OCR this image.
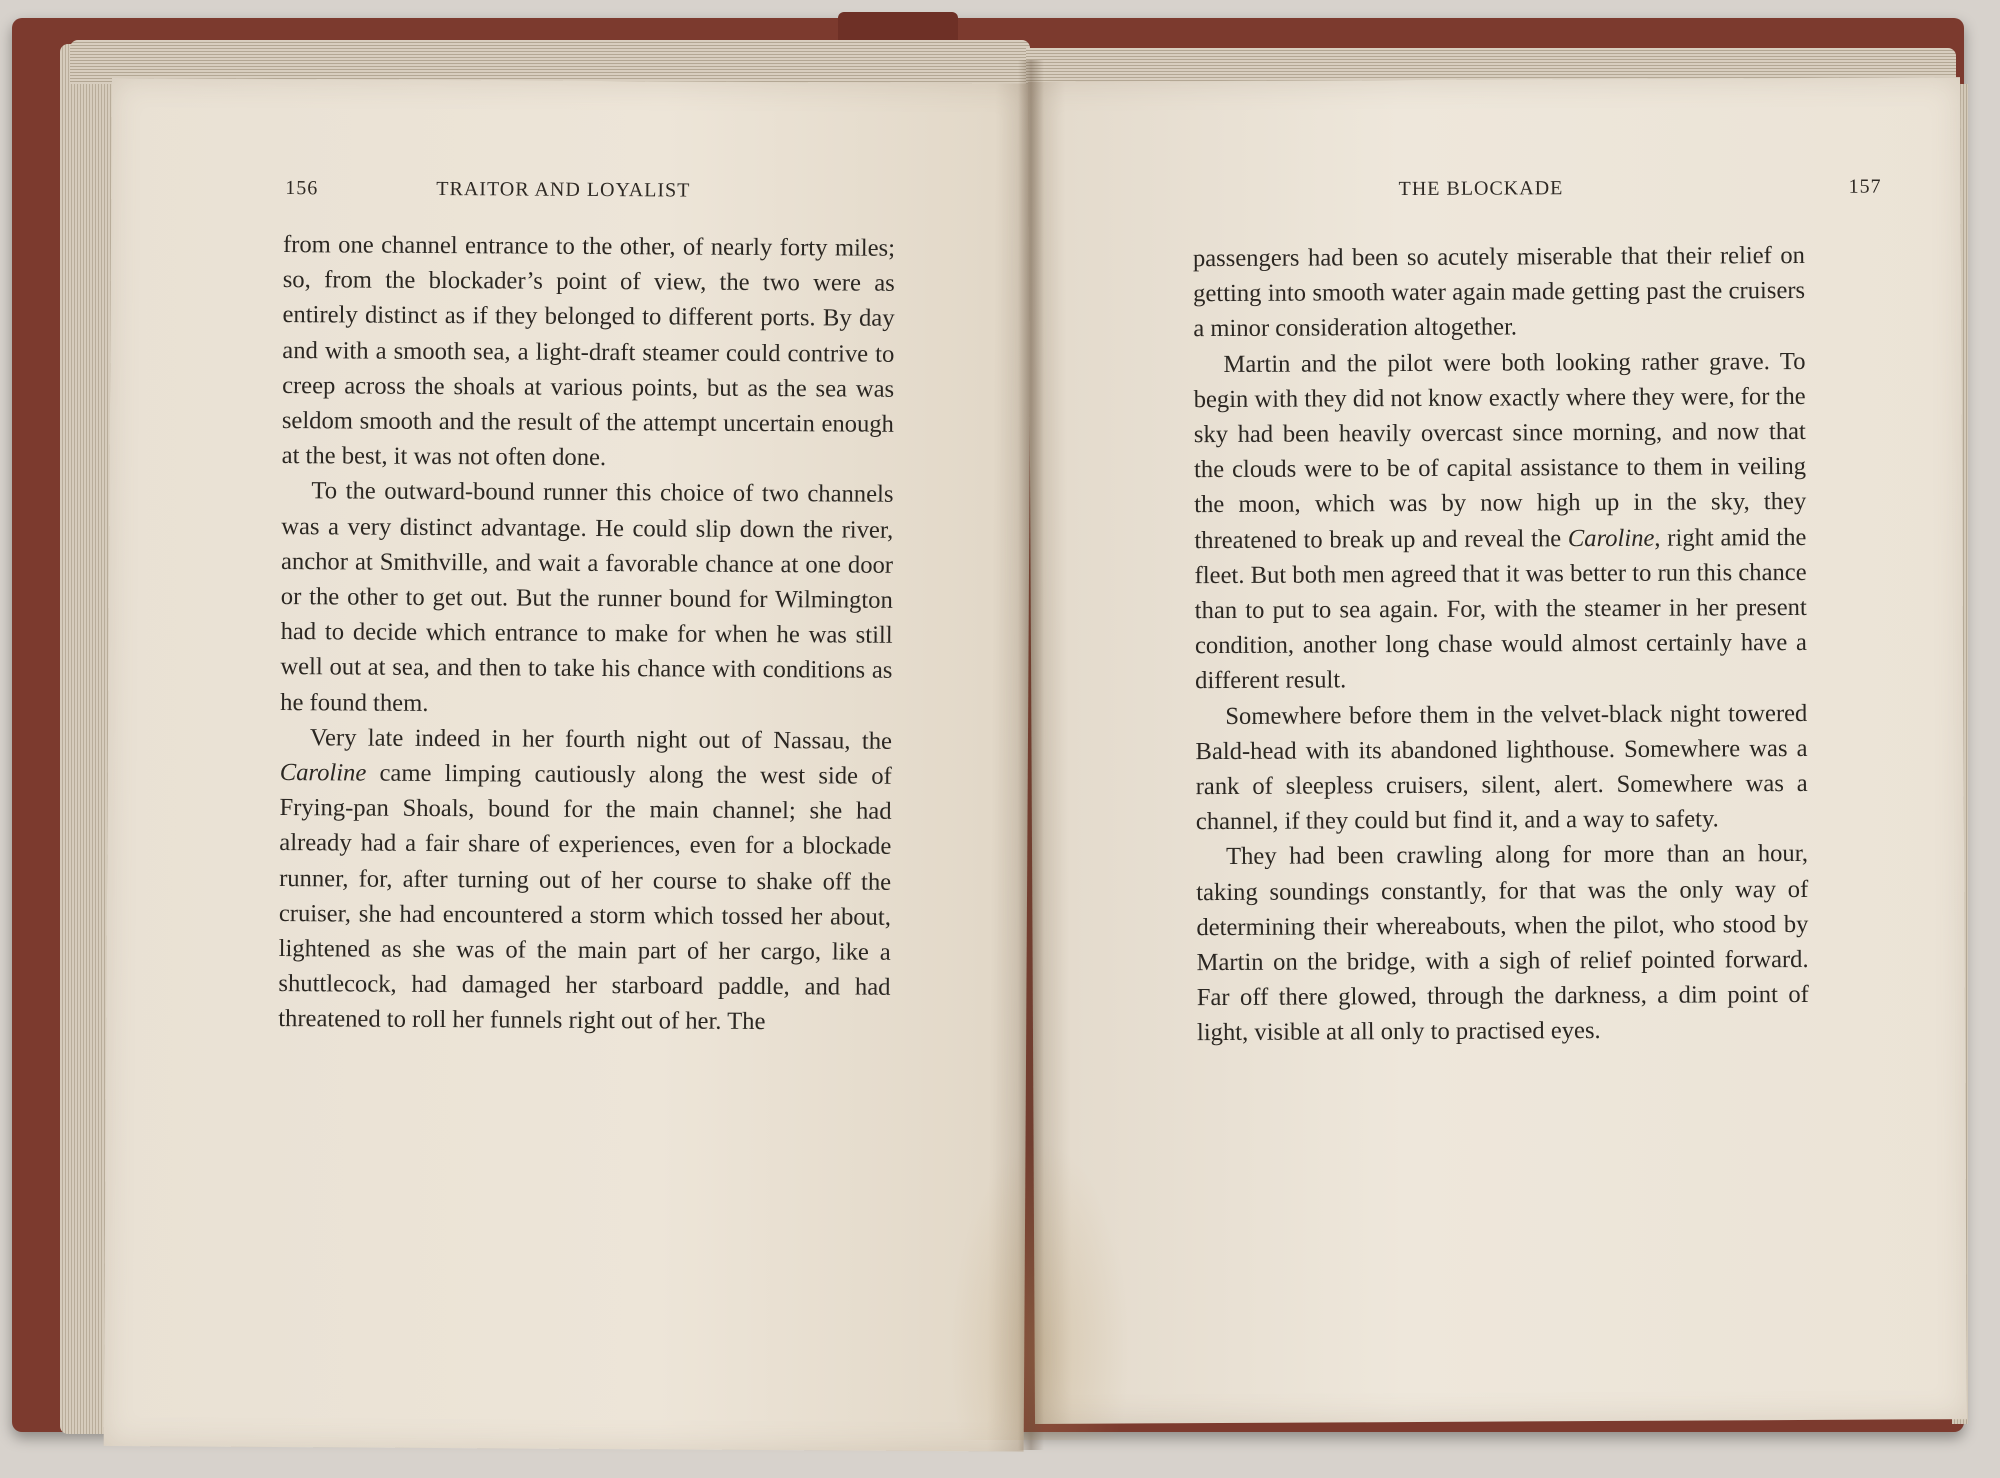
156	TRAITOR AND LOYALIST

from one channel entrance to the other, of nearly forty miles; so, from the blockader’s point of view, the two were as entirely distinct as if they belonged to different ports. By day and with a smooth sea, a light-draft steamer could contrive to creep across the shoals at various points, but as the sea was seldom smooth and the result of the attempt uncertain enough at the best, it was not often done.

To the outward-bound runner this choice of two channels was a very distinct advantage. He could slip down the river, anchor at Smithville, and wait a favorable chance at one door or the other to get out. But the runner bound for Wilmington had to decide which entrance to make for when he was still well out at sea, and then to take his chance with conditions as he found them.

Very late indeed in her fourth night out of Nassau, the Caroline came limping cautiously along the west side of Frying-pan Shoals, bound for the main channel; she had already had a fair share of experiences, even for a blockade runner, for, after turning out of her course to shake off the cruiser, she had encountered a storm which tossed her about, lightened as she was of the main part of her cargo, like a shuttlecock, had damaged her starboard paddle, and had threatened to roll her funnels right out of her. The

THE BLOCKADE	157

passengers had been so acutely miserable that their relief on getting into smooth water again made getting past the cruisers a minor consideration altogether.

Martin and the pilot were both looking rather grave. To begin with they did not know exactly where they were, for the sky had been heavily overcast since morning, and now that the clouds were to be of capital assistance to them in veiling the moon, which was by now high up in the sky, they threatened to break up and reveal the Caroline, right amid the fleet. But both men agreed that it was better to run this chance than to put to sea again. For, with the steamer in her present condition, another long chase would almost certainly have a different result.

Somewhere before them in the velvet-black night towered Bald-head with its abandoned lighthouse. Somewhere was a rank of sleepless cruisers, silent, alert. Somewhere was a channel, if they could but find it, and a way to safety.

They had been crawling along for more than an hour, taking soundings constantly, for that was the only way of determining their whereabouts, when the pilot, who stood by Martin on the bridge, with a sigh of relief pointed forward. Far off there glowed, through the darkness, a dim point of light, visible at all only to practised eyes.
